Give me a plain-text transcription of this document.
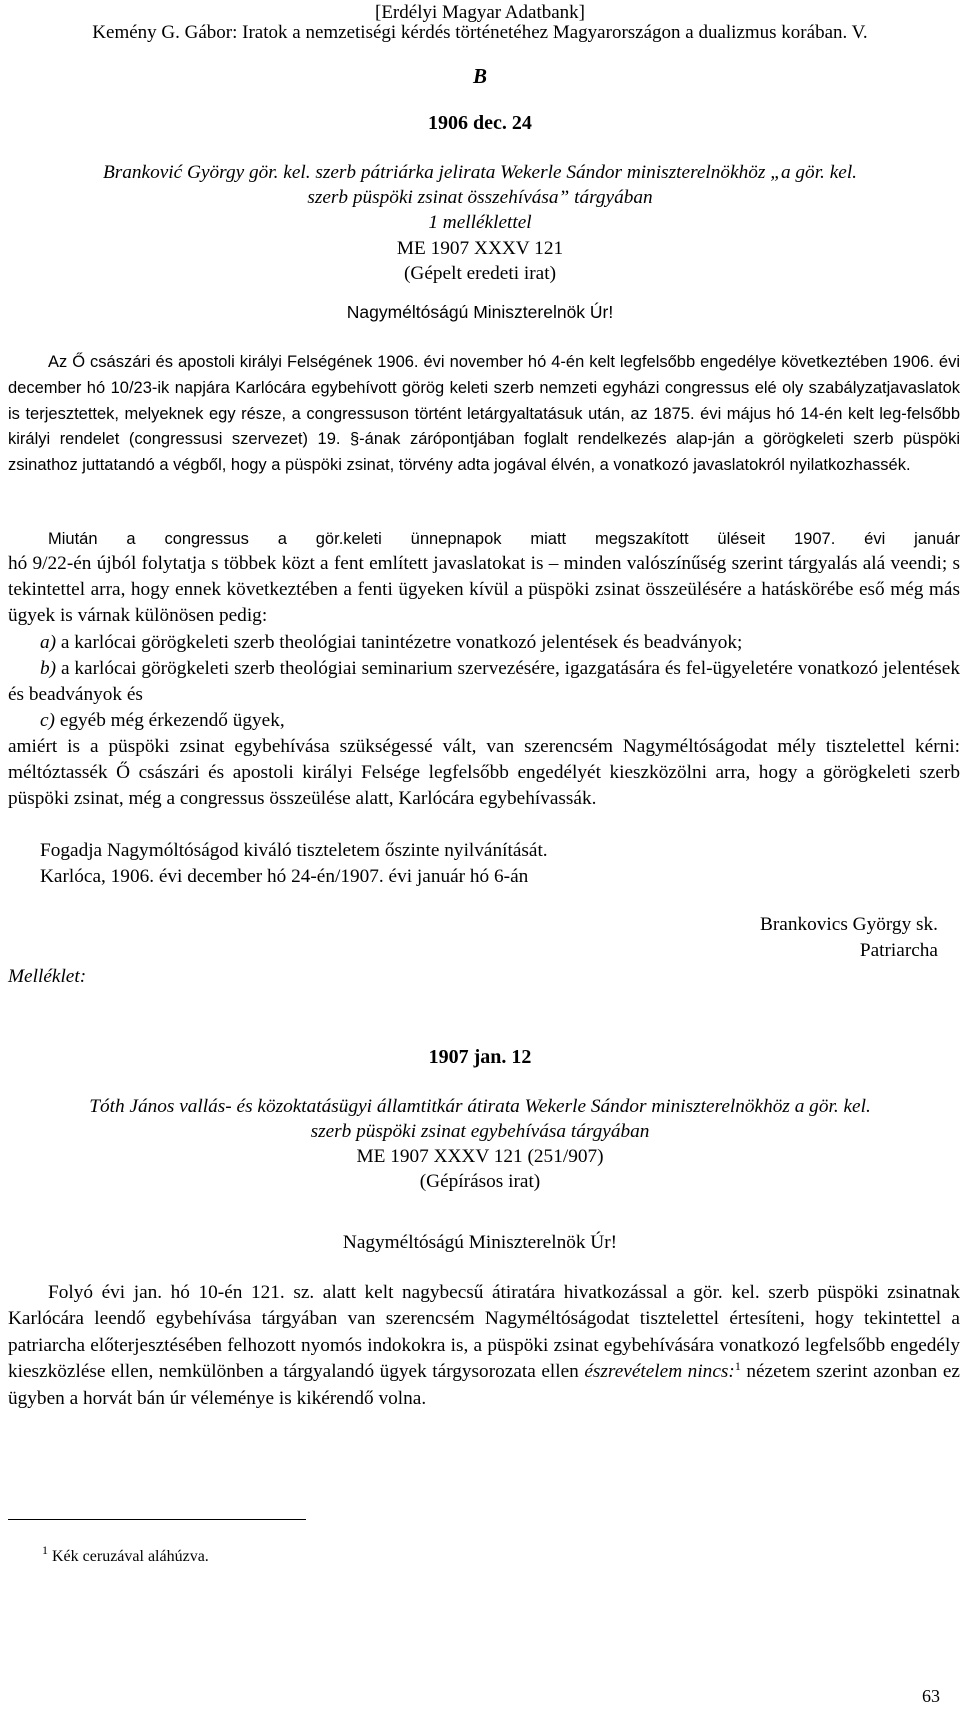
[Erdélyi Magyar Adatbank]
Kemény G. Gábor: Iratok a nemzetiségi kérdés történetéhez Magyarországon a dualizmus korában. V.
B
1906 dec. 24
Branković György gör. kel. szerb pátriárka jelirata Wekerle Sándor miniszterelnökhöz „a gör. kel.
szerb püspöki zsinat összehívása” tárgyában
1 melléklettel
ME 1907 XXXV 121
(Gépelt eredeti irat)
Nagyméltóságú Miniszterelnök Úr!

Az Ő császári és apostoli királyi Felségének 1906. évi november hó 4-én kelt legfelsőbb engedélye következtében 1906. évi december hó 10/23-ik napjára Karlócára egybehívott görög keleti szerb nemzeti egyházi congressus elé oly szabályzatjavaslatok is terjesztettek, melyeknek egy része, a congressuson történt letárgyaltatásuk után, az 1875. évi május hó 14-én kelt leg-felsőbb királyi rendelet (congressusi szervezet) 19. §-ának zárópontjában foglalt rendelkezés alap-ján a görögkeleti szerb püspöki zsinathoz juttatandó a végből, hogy a püspöki zsinat, törvény adta jogával élvén, a vonatkozó javaslatokról nyilatkozhassék.

Miután a congressus a gör.keleti ünnepnapok miatt megszakított üléseit 1907. évi január

hó 9/22-én újból folytatja s többek közt a fent említett javaslatokat is – minden valószínűség szerint tárgyalás alá veendi; s tekintettel arra, hogy ennek következtében a fenti ügyeken kívül a püspöki zsinat összeülésére a hatáskörébe eső még más ügyek is várnak különösen pedig:

a) a karlócai görögkeleti szerb theológiai tanintézetre vonatkozó jelentések és beadványok;

b) a karlócai görögkeleti szerb theológiai seminarium szervezésére, igazgatására és fel-ügyeletére vonatkozó jelentések és beadványok és

c) egyéb még érkezendő ügyek,

amiért is a püspöki zsinat egybehívása szükségessé vált, van szerencsém Nagyméltóságodat mély tisztelettel kérni: méltóztassék Ő császári és apostoli királyi Felsége legfelsőbb engedélyét kieszközölni arra, hogy a görögkeleti szerb püspöki zsinat, még a congressus összeülése alatt, Karlócára egybehívassák.

Fogadja Nagymóltóságod kiváló tiszteletem őszinte nyilvánítását.
Karlóca, 1906. évi december hó 24-én/1907. évi január hó 6-án
Brankovics György sk.
Patriarcha
Melléklet:
1907 jan. 12
Tóth János vallás- és közoktatásügyi államtitkár átirata Wekerle Sándor miniszterelnökhöz a gör. kel.
szerb püspöki zsinat egybehívása tárgyában
ME 1907 XXXV 121 (251/907)
(Gépírásos irat)
Nagyméltóságú Miniszterelnök Úr!

Folyó évi jan. hó 10-én 121. sz. alatt kelt nagybecsű átiratára hivatkozással a gör. kel. szerb püspöki zsinatnak Karlócára leendő egybehívása tárgyában van szerencsém Nagyméltóságodat tisztelettel értesíteni, hogy tekintettel a patriarcha előterjesztésében felhozott nyomós indokokra is, a püspöki zsinat egybehívására vonatkozó legfelsőbb engedély kieszközlése ellen, nemkülönben a tárgyalandó ügyek tárgysorozata ellen észrevételem nincs:$^1$ nézetem szerint azonban ez ügyben a horvát bán úr véleménye is kikérendő volna.

$^1$ Kék ceruzával aláhúzva.
63
